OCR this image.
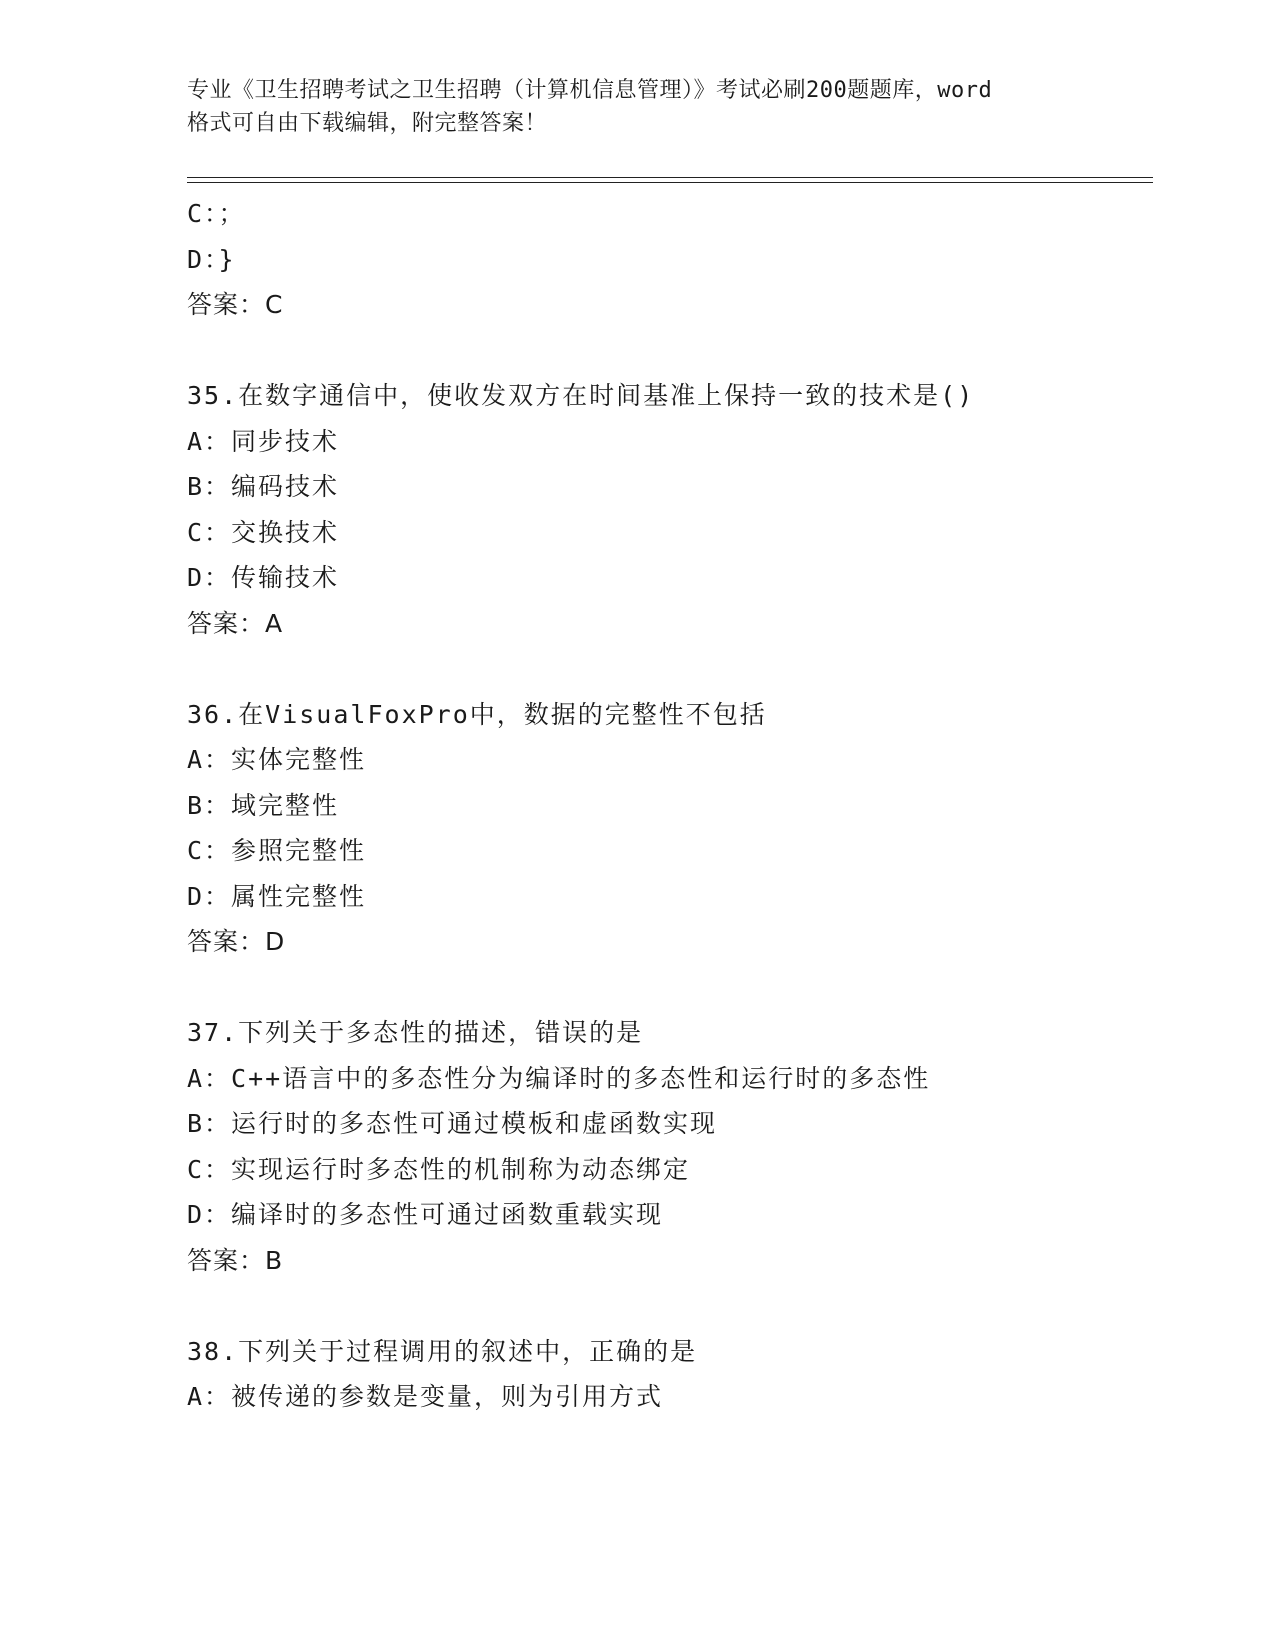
专业《卫生招聘考试之卫生招聘（计算机信息管理）》考试必刷200题题库，word
格式可自由下载编辑，附完整答案！
C：；
D：}
答案：C
35.在数字通信中，使收发双方在时间基准上保持一致的技术是()
A：同步技术
B：编码技术
C：交换技术
D：传输技术
答案：A
36.在VisualFoxPro中，数据的完整性不包括
A：实体完整性
B：域完整性
C：参照完整性
D：属性完整性
答案：D
37.下列关于多态性的描述，错误的是
A：C++语言中的多态性分为编译时的多态性和运行时的多态性
B：运行时的多态性可通过模板和虚函数实现
C：实现运行时多态性的机制称为动态绑定
D：编译时的多态性可通过函数重载实现
答案：B
38.下列关于过程调用的叙述中，正确的是
A：被传递的参数是变量，则为引用方式
